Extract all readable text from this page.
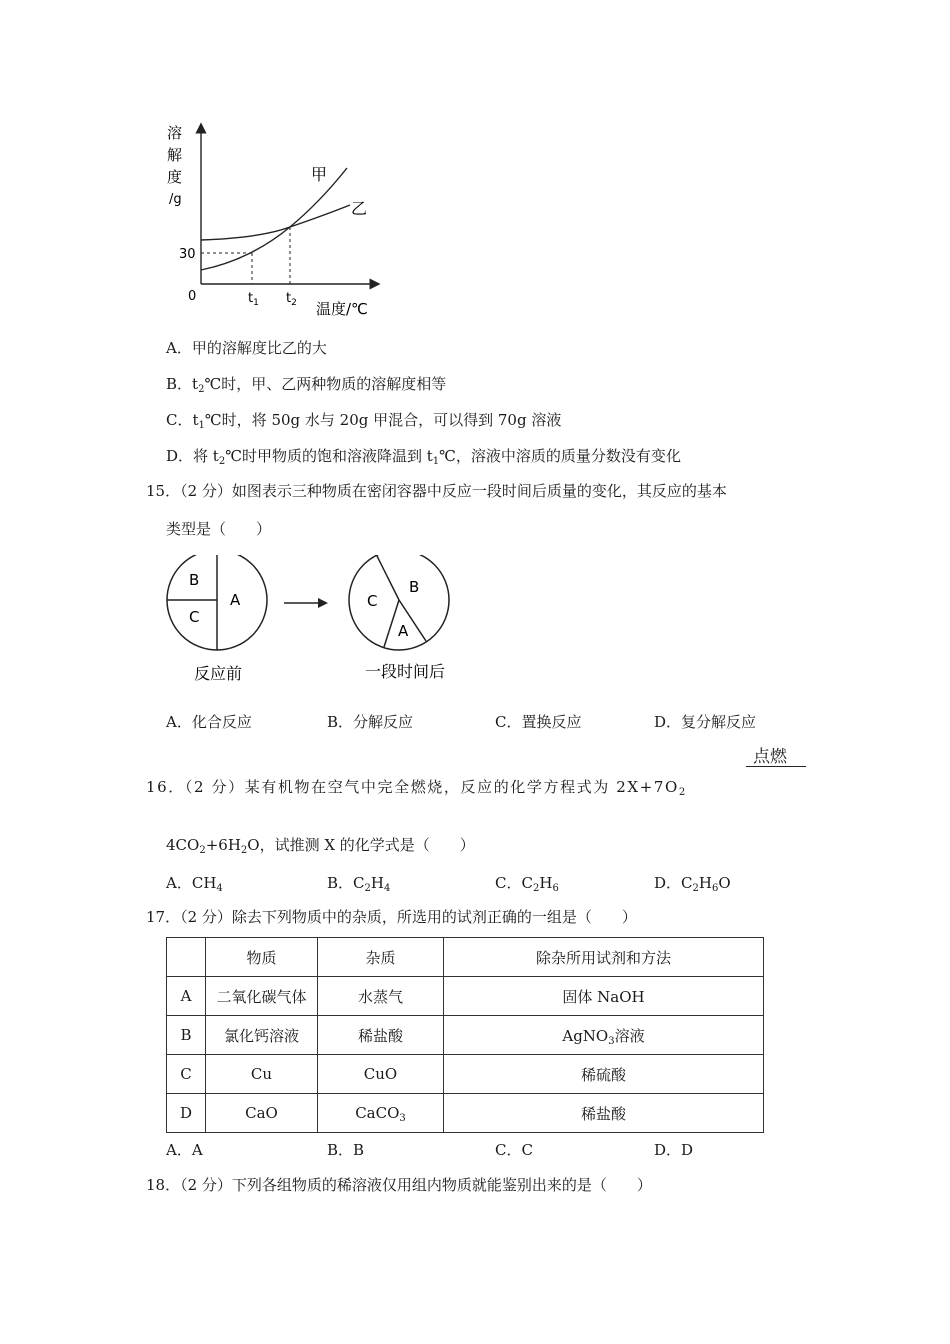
溶
解
度
/g
30
0	$t_1$ $t_2$ 温度/℃
甲
乙
A．甲的溶解度比乙的大
B．$t_2℃$时，甲、乙两种物质的溶解度相等
C．$t_1℃$时，将 50g 水与 20g 甲混合，可以得到 70g 溶液
D．将 $t_2℃$时甲物质的饱和溶液降温到 $t_1℃$，溶液中溶质的质量分数没有变化
15．（2 分）如图表示三种物质在密闭容器中反应一段时间后质量的变化，其反应的基本
类型是（　　）
B
C
A	C
B
A
反应前	一段时间后
A．化合反应	B．分解反应	C．置换反应	D．复分解反应
点燃
16．（2 分）某有机物在空气中完全燃烧，反应的化学方程式为 $2X+7O_2$
$4CO_2+6H_2O$，试推测 X 的化学式是（　　）
A．$CH_4$	B．$C_2H_4$	C．$C_2H_6$	D．$C_2H_6O$
17．（2 分）除去下列物质中的杂质，所选用的试剂正确的一组是（　　）
	物质	杂质	除杂所用试剂和方法
A	二氧化碳气体	水蒸气	固体 NaOH
B	氯化钙溶液	稀盐酸	AgNO$_3$溶液
C	Cu	CuO	稀硫酸
D	CaO	CaCO$_3$	稀盐酸
A．A	B．B	C．C	D．D
18．（2 分）下列各组物质的稀溶液仅用组内物质就能鉴别出来的是（　　）
